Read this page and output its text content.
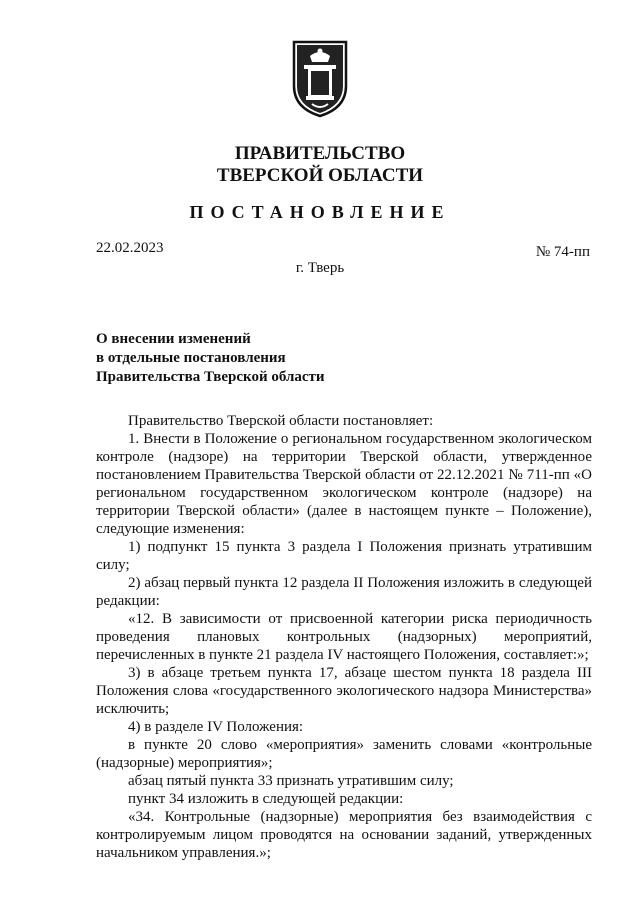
ПРАВИТЕЛЬСТВО
ТВЕРСКОЙ ОБЛАСТИ
ПОСТАНОВЛЕНИЕ
22.02.2023	№ 74-пп
г. Тверь
О внесении изменений
в отдельные постановления
Правительства Тверской области

Правительство Тверской области постановляет:

1. Внести в Положение о региональном государственном экологическом контроле (надзоре) на территории Тверской области, утвержденное постановлением Правительства Тверской области от 22.12.2021 № 711-пп «О региональном государственном экологическом контроле (надзоре) на территории Тверской области» (далее в настоящем пункте – Положение), следующие изменения:

1) подпункт 15 пункта 3 раздела I Положения признать утратившим силу;

2) абзац первый пункта 12 раздела II Положения изложить в следующей редакции:

«12. В зависимости от присвоенной категории риска периодичность проведения плановых контрольных (надзорных) мероприятий, перечисленных в пункте 21 раздела IV настоящего Положения, составляет:»;

3) в абзаце третьем пункта 17, абзаце шестом пункта 18 раздела III Положения слова «государственного экологического надзора Министерства» исключить;

4) в разделе IV Положения:

в пункте 20 слово «мероприятия» заменить словами «контрольные (надзорные) мероприятия»;

абзац пятый пункта 33 признать утратившим силу;

пункт 34 изложить в следующей редакции:

«34. Контрольные (надзорные) мероприятия без взаимодействия с контролируемым лицом проводятся на основании заданий, утвержденных начальником управления.»;
